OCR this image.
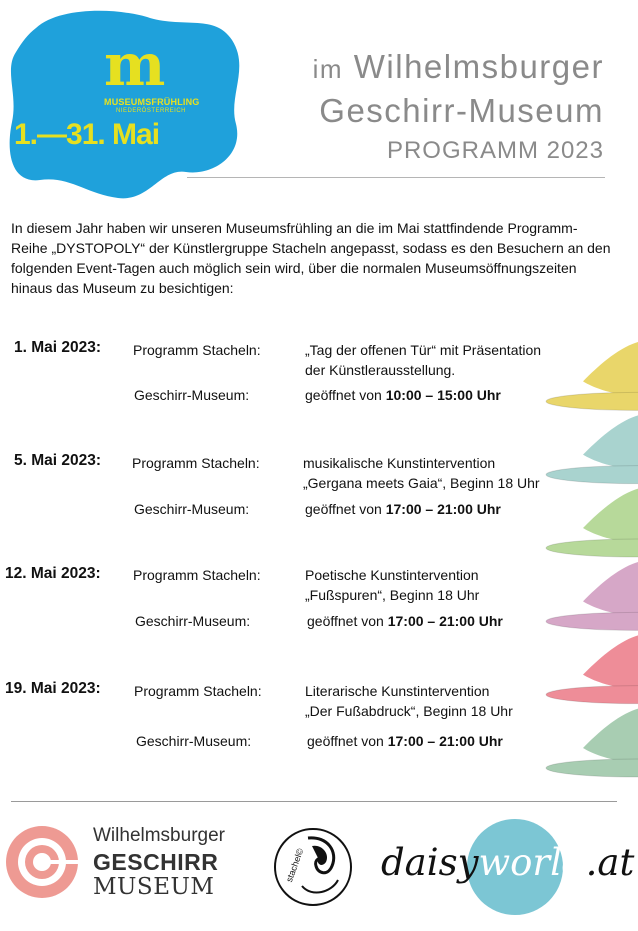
m
MUSEUMSFRÜHLING
NIEDERÖSTERREICH
1.—31. Mai
im Wilhelmsburger
Geschirr-Museum
PROGRAMM 2023
In diesem Jahr haben wir unseren Museumsfrühling an die im Mai stattfindende Programm-Reihe „DYSTOPOLY“ der Künstlergruppe Stacheln angepasst, sodass es den Besuchern an den folgenden Event-Tagen auch möglich sein wird, über die normalen Museumsöffnungszeiten hinaus das Museum zu besichtigen:
1. Mai 2023: Programm Stacheln:	„Tag der offenen Tür“ mit Präsentation
der Künstlerausstellung.
Geschirr-Museum:	geöffnet von 10:00 – 15:00 Uhr
5. Mai 2023: Programm Stacheln:	musikalische Kunstintervention
„Gergana meets Gaia“, Beginn 18 Uhr
Geschirr-Museum:	geöffnet von 17:00 – 21:00 Uhr
12. Mai 2023: Programm Stacheln:	Poetische Kunstintervention
„Fußspuren“, Beginn 18 Uhr
Geschirr-Museum:	geöffnet von 17:00 – 21:00 Uhr
19. Mai 2023: Programm Stacheln:	Literarische Kunstintervention
„Der Fußabdruck“, Beginn 18 Uhr
Geschirr-Museum:	geöffnet von 17:00 – 21:00 Uhr
Wilhelmsburger
GESCHIRR
MUSEUM
stachel© daisyworld.at
